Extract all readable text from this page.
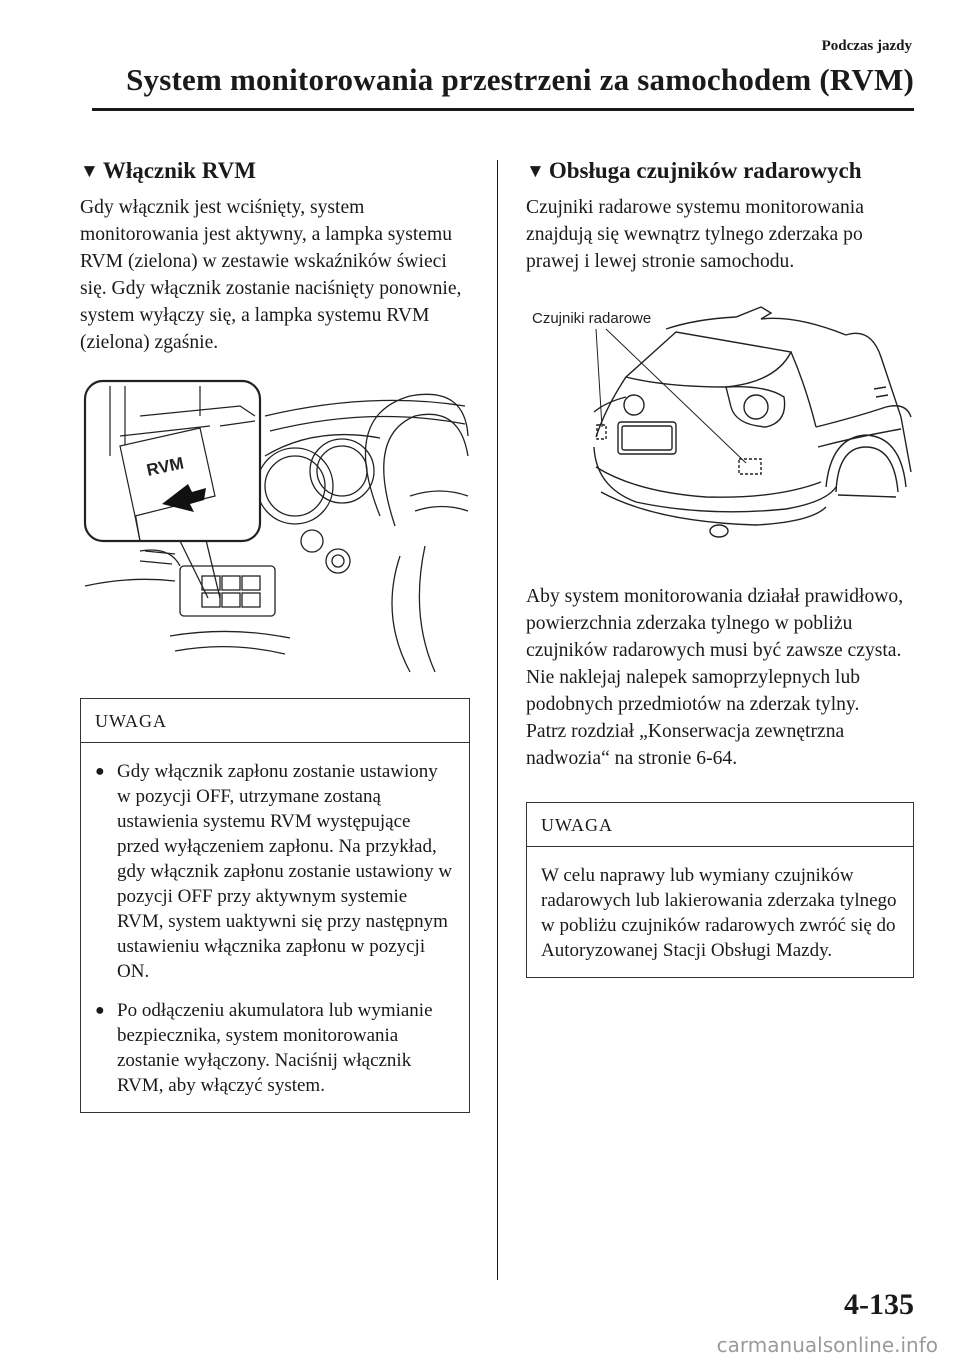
Podczas jazdy
System monitorowania przestrzeni za samochodem (RVM)
▼ Włącznik RVM

Gdy włącznik jest wciśnięty, system monitorowania jest aktywny, a lampka systemu RVM (zielona) w zestawie wskaźników świeci się. Gdy włącznik zostanie naciśnięty ponownie, system wyłączy się, a lampka systemu RVM (zielona) zgaśnie.

RVM
UWAGA
● Gdy włącznik zapłonu zostanie ustawiony w pozycji OFF, utrzymane zostaną ustawienia systemu RVM występujące przed wyłączeniem zapłonu. Na przykład, gdy włącznik zapłonu zostanie ustawiony w pozycji OFF przy aktywnym systemie RVM, system uaktywni się przy następnym ustawieniu włącznika zapłonu w pozycji ON.
● Po odłączeniu akumulatora lub wymianie bezpiecznika, system monitorowania zostanie wyłączony. Naciśnij włącznik RVM, aby włączyć system.
▼ Obsługa czujników radarowych

Czujniki radarowe systemu monitorowania znajdują się wewnątrz tylnego zderzaka po prawej i lewej stronie samochodu.

Czujniki radarowe

Aby system monitorowania działał prawidłowo, powierzchnia zderzaka tylnego w pobliżu czujników radarowych musi być zawsze czysta. Nie naklejaj nalepek samoprzylepnych lub podobnych przedmiotów na zderzak tylny.

Patrz rozdział „Konserwacja zewnętrzna nadwozia“ na stronie 6-64.

UWAGA
W celu naprawy lub wymiany czujników radarowych lub lakierowania zderzaka tylnego w pobliżu czujników radarowych zwróć się do Autoryzowanej Stacji Obsługi Mazdy.
4-135
carmanualsonline.info
